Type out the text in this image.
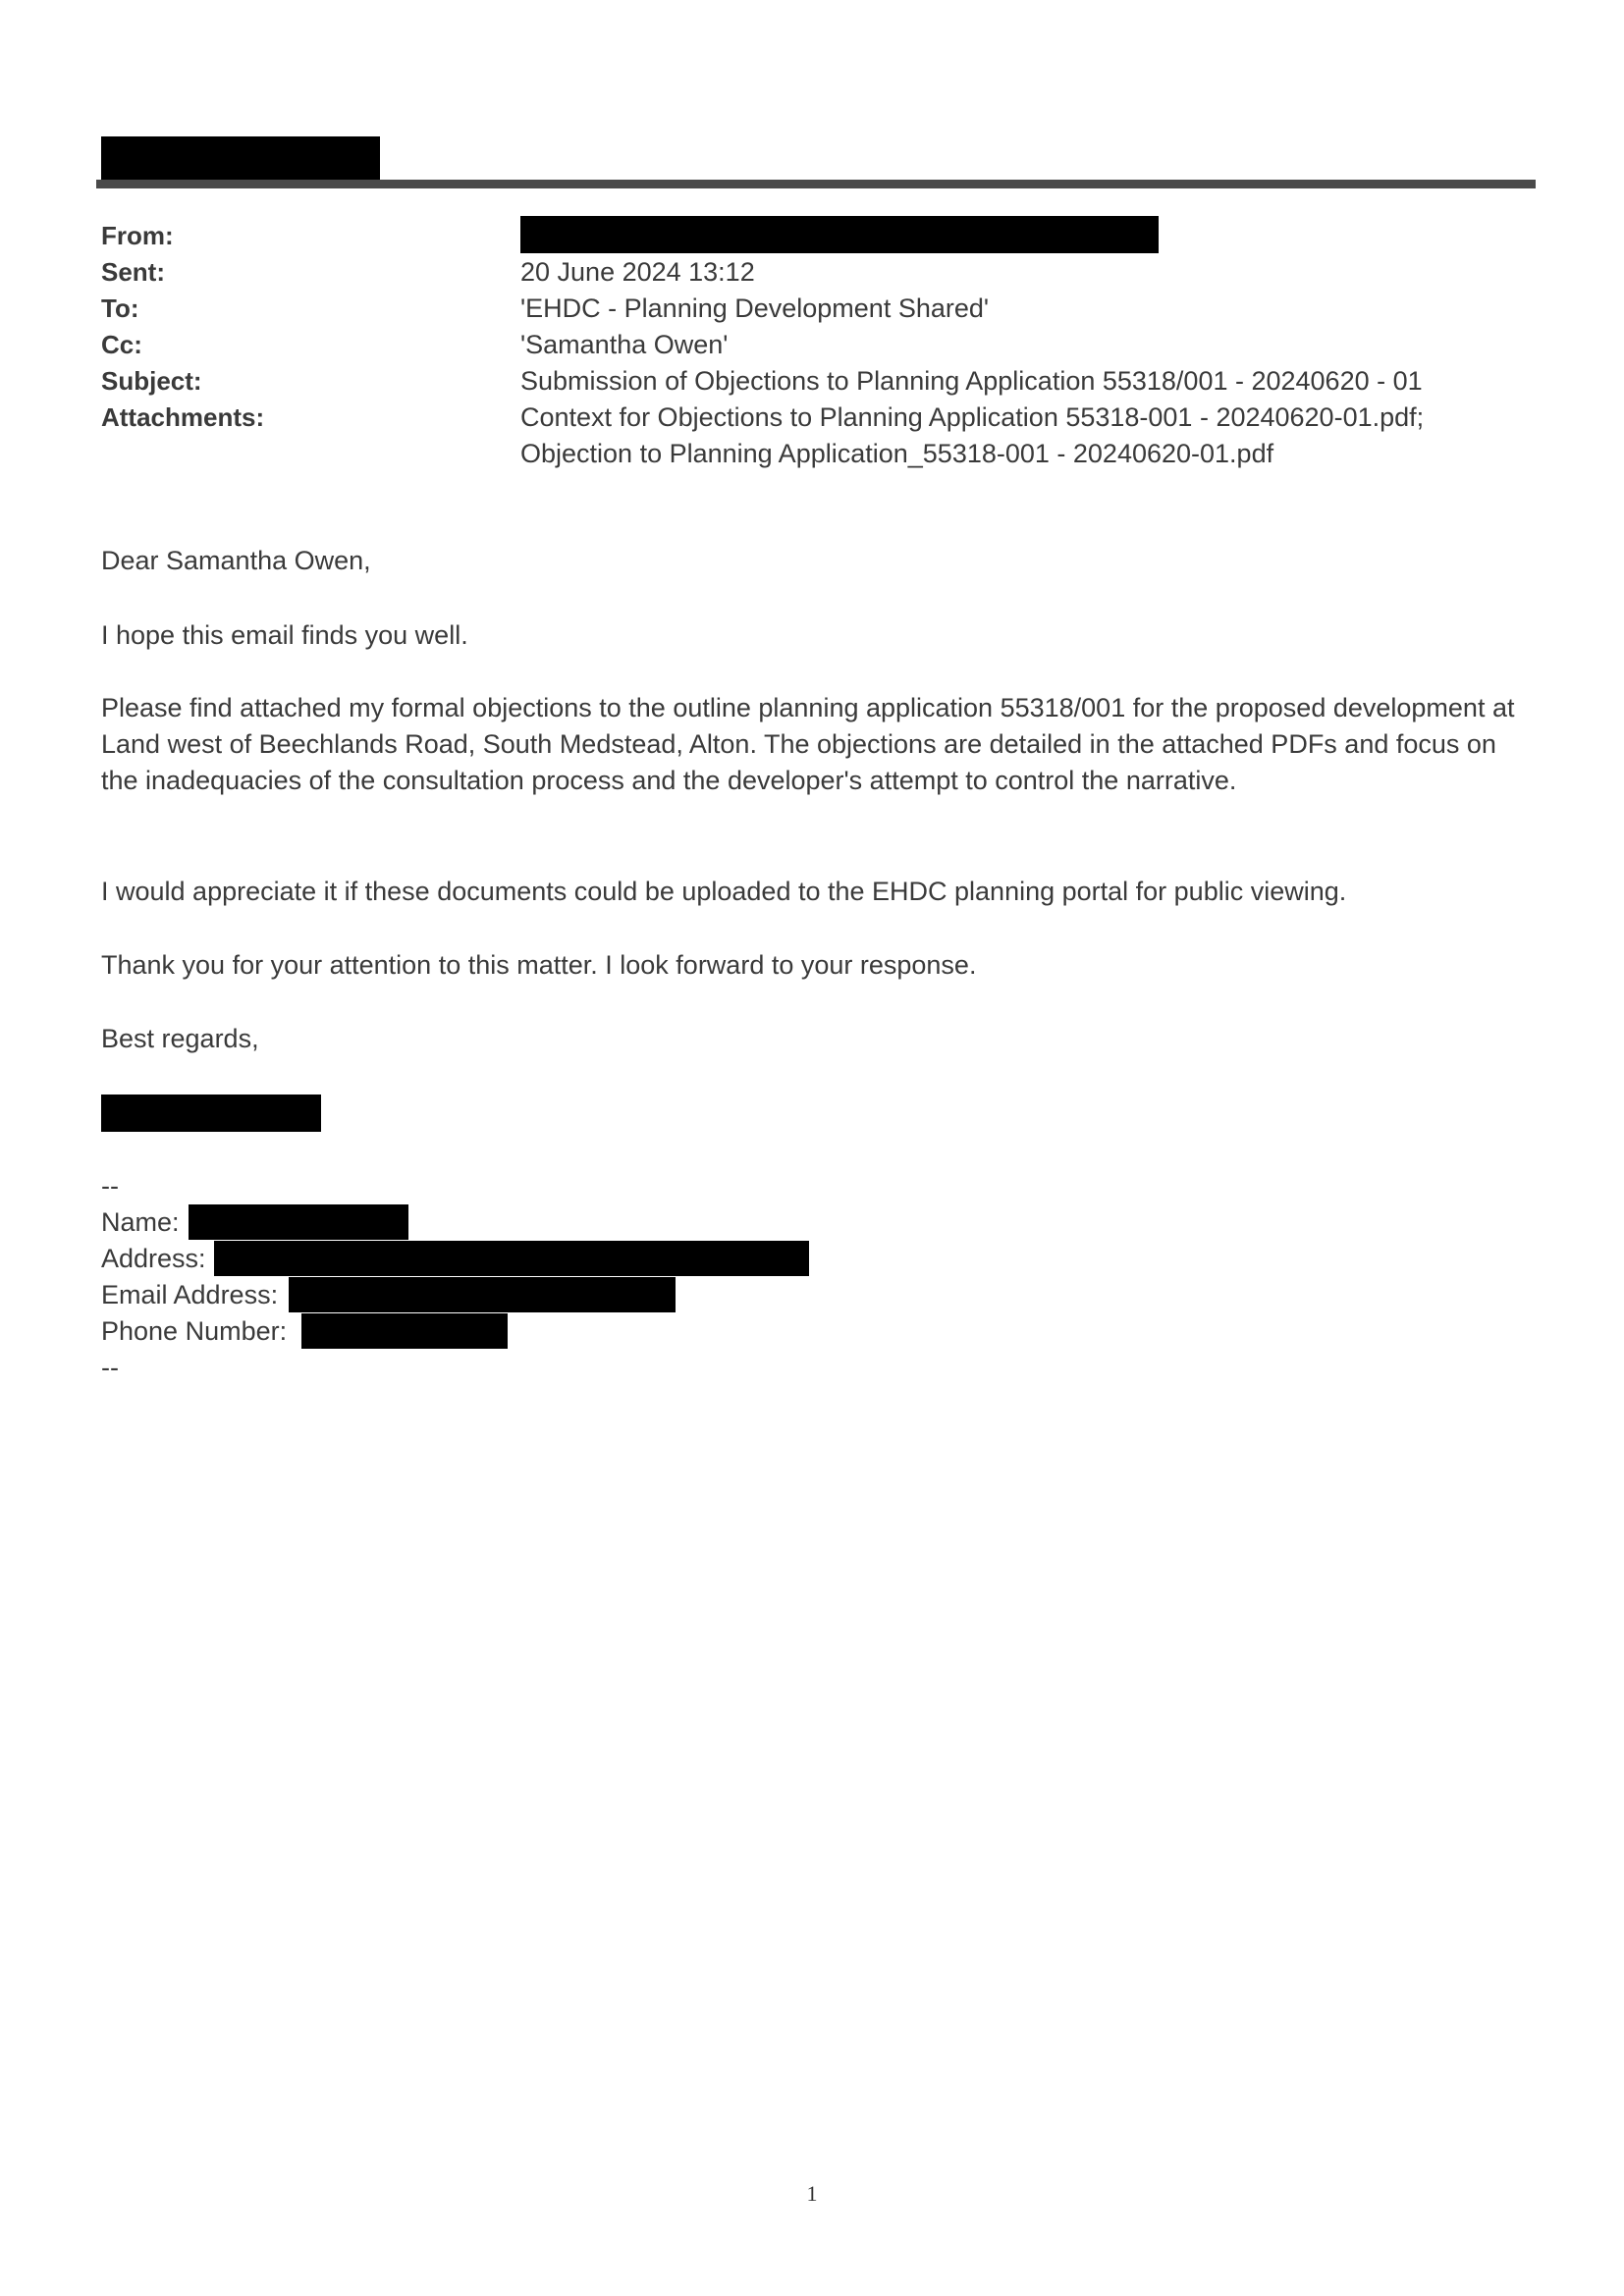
From:
Sent:	20 June 2024 13:12
To:	'EHDC - Planning Development Shared'
Cc:	'Samantha Owen'
Subject:	Submission of Objections to Planning Application 55318/001 - 20240620 - 01
Attachments:	Context for Objections to Planning Application 55318-001 - 20240620-01.pdf;
Objection to Planning Application_55318-001 - 20240620-01.pdf
Dear Samantha Owen,
I hope this email finds you well.
Please find attached my formal objections to the outline planning application 55318/001 for the proposed development at Land west of Beechlands Road, South Medstead, Alton. The objections are detailed in the attached PDFs and focus on the inadequacies of the consultation process and the developer's attempt to control the narrative.
I would appreciate it if these documents could be uploaded to the EHDC planning portal for public viewing.
Thank you for your attention to this matter. I look forward to your response.
Best regards,
--
Name:
Address:
Email Address:
Phone Number:
--
1
